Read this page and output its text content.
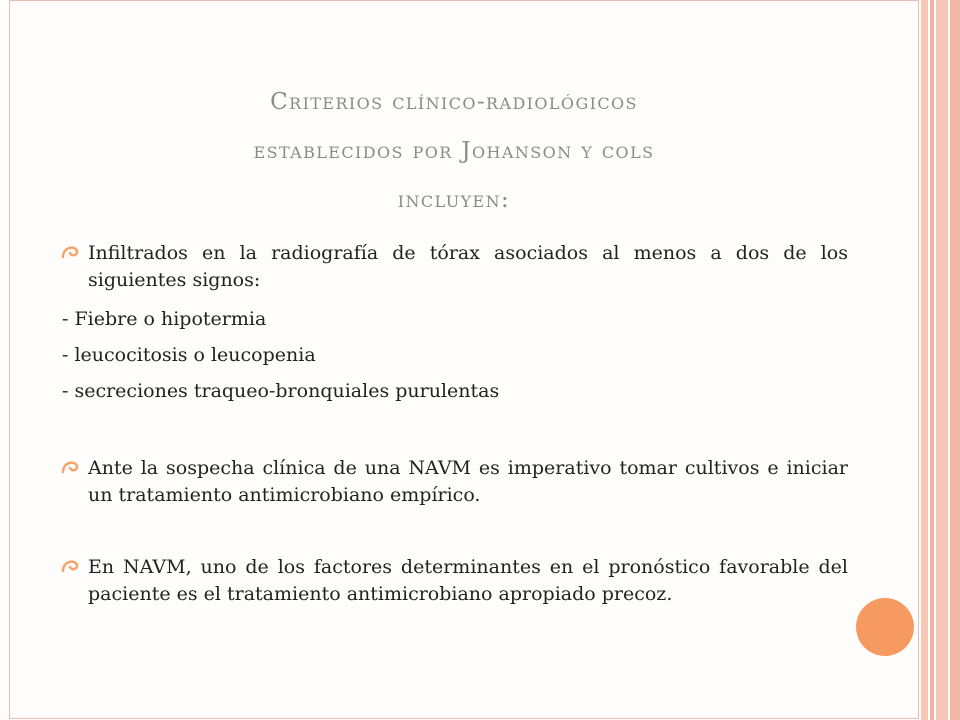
Criterios clínico-radiológicos
establecidos por Johanson y cols
incluyen:
Infiltrados en la radiografía de tórax asociados al menos a dos de los siguientes signos:
- Fiebre o hipotermia
- leucocitosis o leucopenia
- secreciones traqueo-bronquiales purulentas
Ante la sospecha clínica de una NAVM es imperativo tomar cultivos e iniciar un tratamiento antimicrobiano empírico.
En NAVM, uno de los factores determinantes en el pronóstico favorable del paciente es el tratamiento antimicrobiano apropiado precoz.
